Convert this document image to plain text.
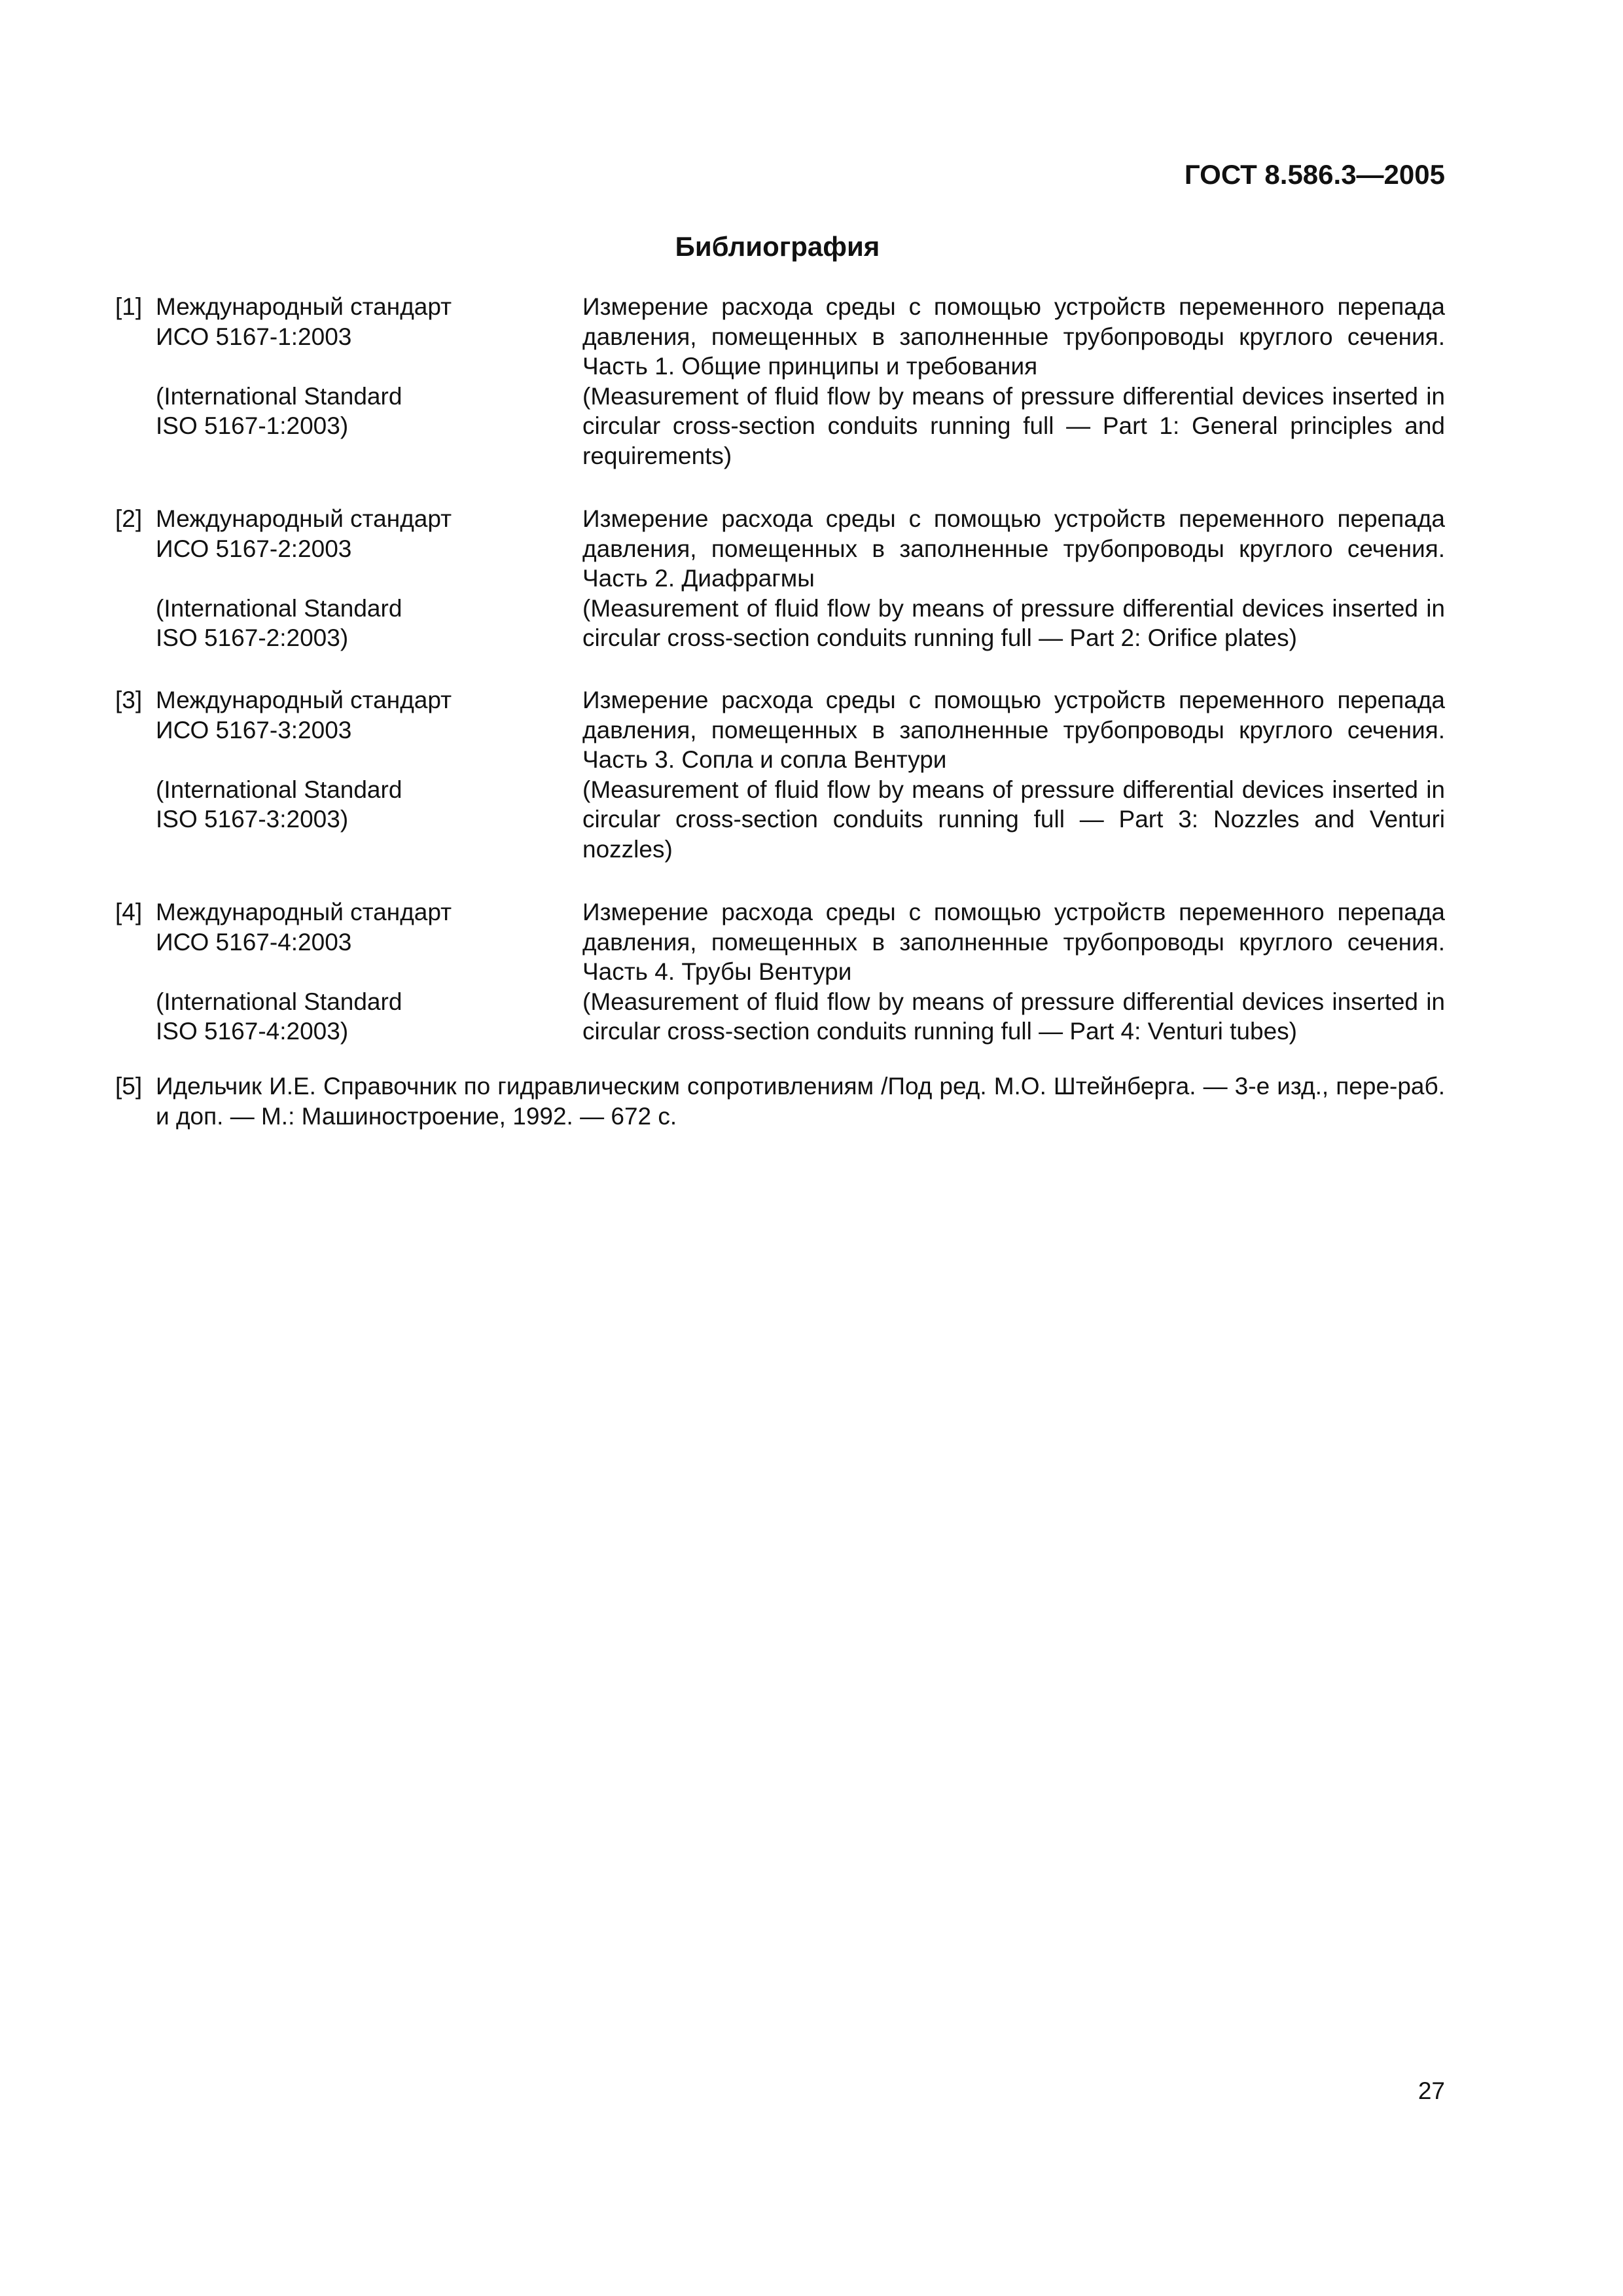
ГОСТ 8.586.3—2005
Библиография
[1] Международный стандарт
ИСО 5167-1:2003
(International Standard
ISO 5167-1:2003)
Измерение расхода среды с помощью устройств переменного перепада давления, помещенных в заполненные трубопроводы круглого сечения. Часть 1. Общие принципы и требования
(Measurement of fluid flow by means of pressure differential devices inserted in circular cross-section conduits running full — Part 1: General principles and requirements)
[2] Международный стандарт
ИСО 5167-2:2003
(International Standard
ISO 5167-2:2003)
Измерение расхода среды с помощью устройств переменного перепада давления, помещенных в заполненные трубопроводы круглого сечения. Часть 2. Диафрагмы
(Measurement of fluid flow by means of pressure differential devices inserted in circular cross-section conduits running full — Part 2: Orifice plates)
[3] Международный стандарт
ИСО 5167-3:2003
(International Standard
ISO 5167-3:2003)
Измерение расхода среды с помощью устройств переменного перепада давления, помещенных в заполненные трубопроводы круглого сечения. Часть 3. Сопла и сопла Вентури
(Measurement of fluid flow by means of pressure differential devices inserted in circular cross-section conduits running full — Part 3: Nozzles and Venturi nozzles)
[4] Международный стандарт
ИСО 5167-4:2003
(International Standard
ISO 5167-4:2003)
Измерение расхода среды с помощью устройств переменного перепада давления, помещенных в заполненные трубопроводы круглого сечения. Часть 4. Трубы Вентури
(Measurement of fluid flow by means of pressure differential devices inserted in circular cross-section conduits running full — Part 4: Venturi tubes)
[5] Идельчик И.Е. Справочник по гидравлическим сопротивлениям /Под ред. М.О. Штейнберга. — 3-е изд., пере-раб. и доп. — М.: Машиностроение, 1992. — 672 с.
27
